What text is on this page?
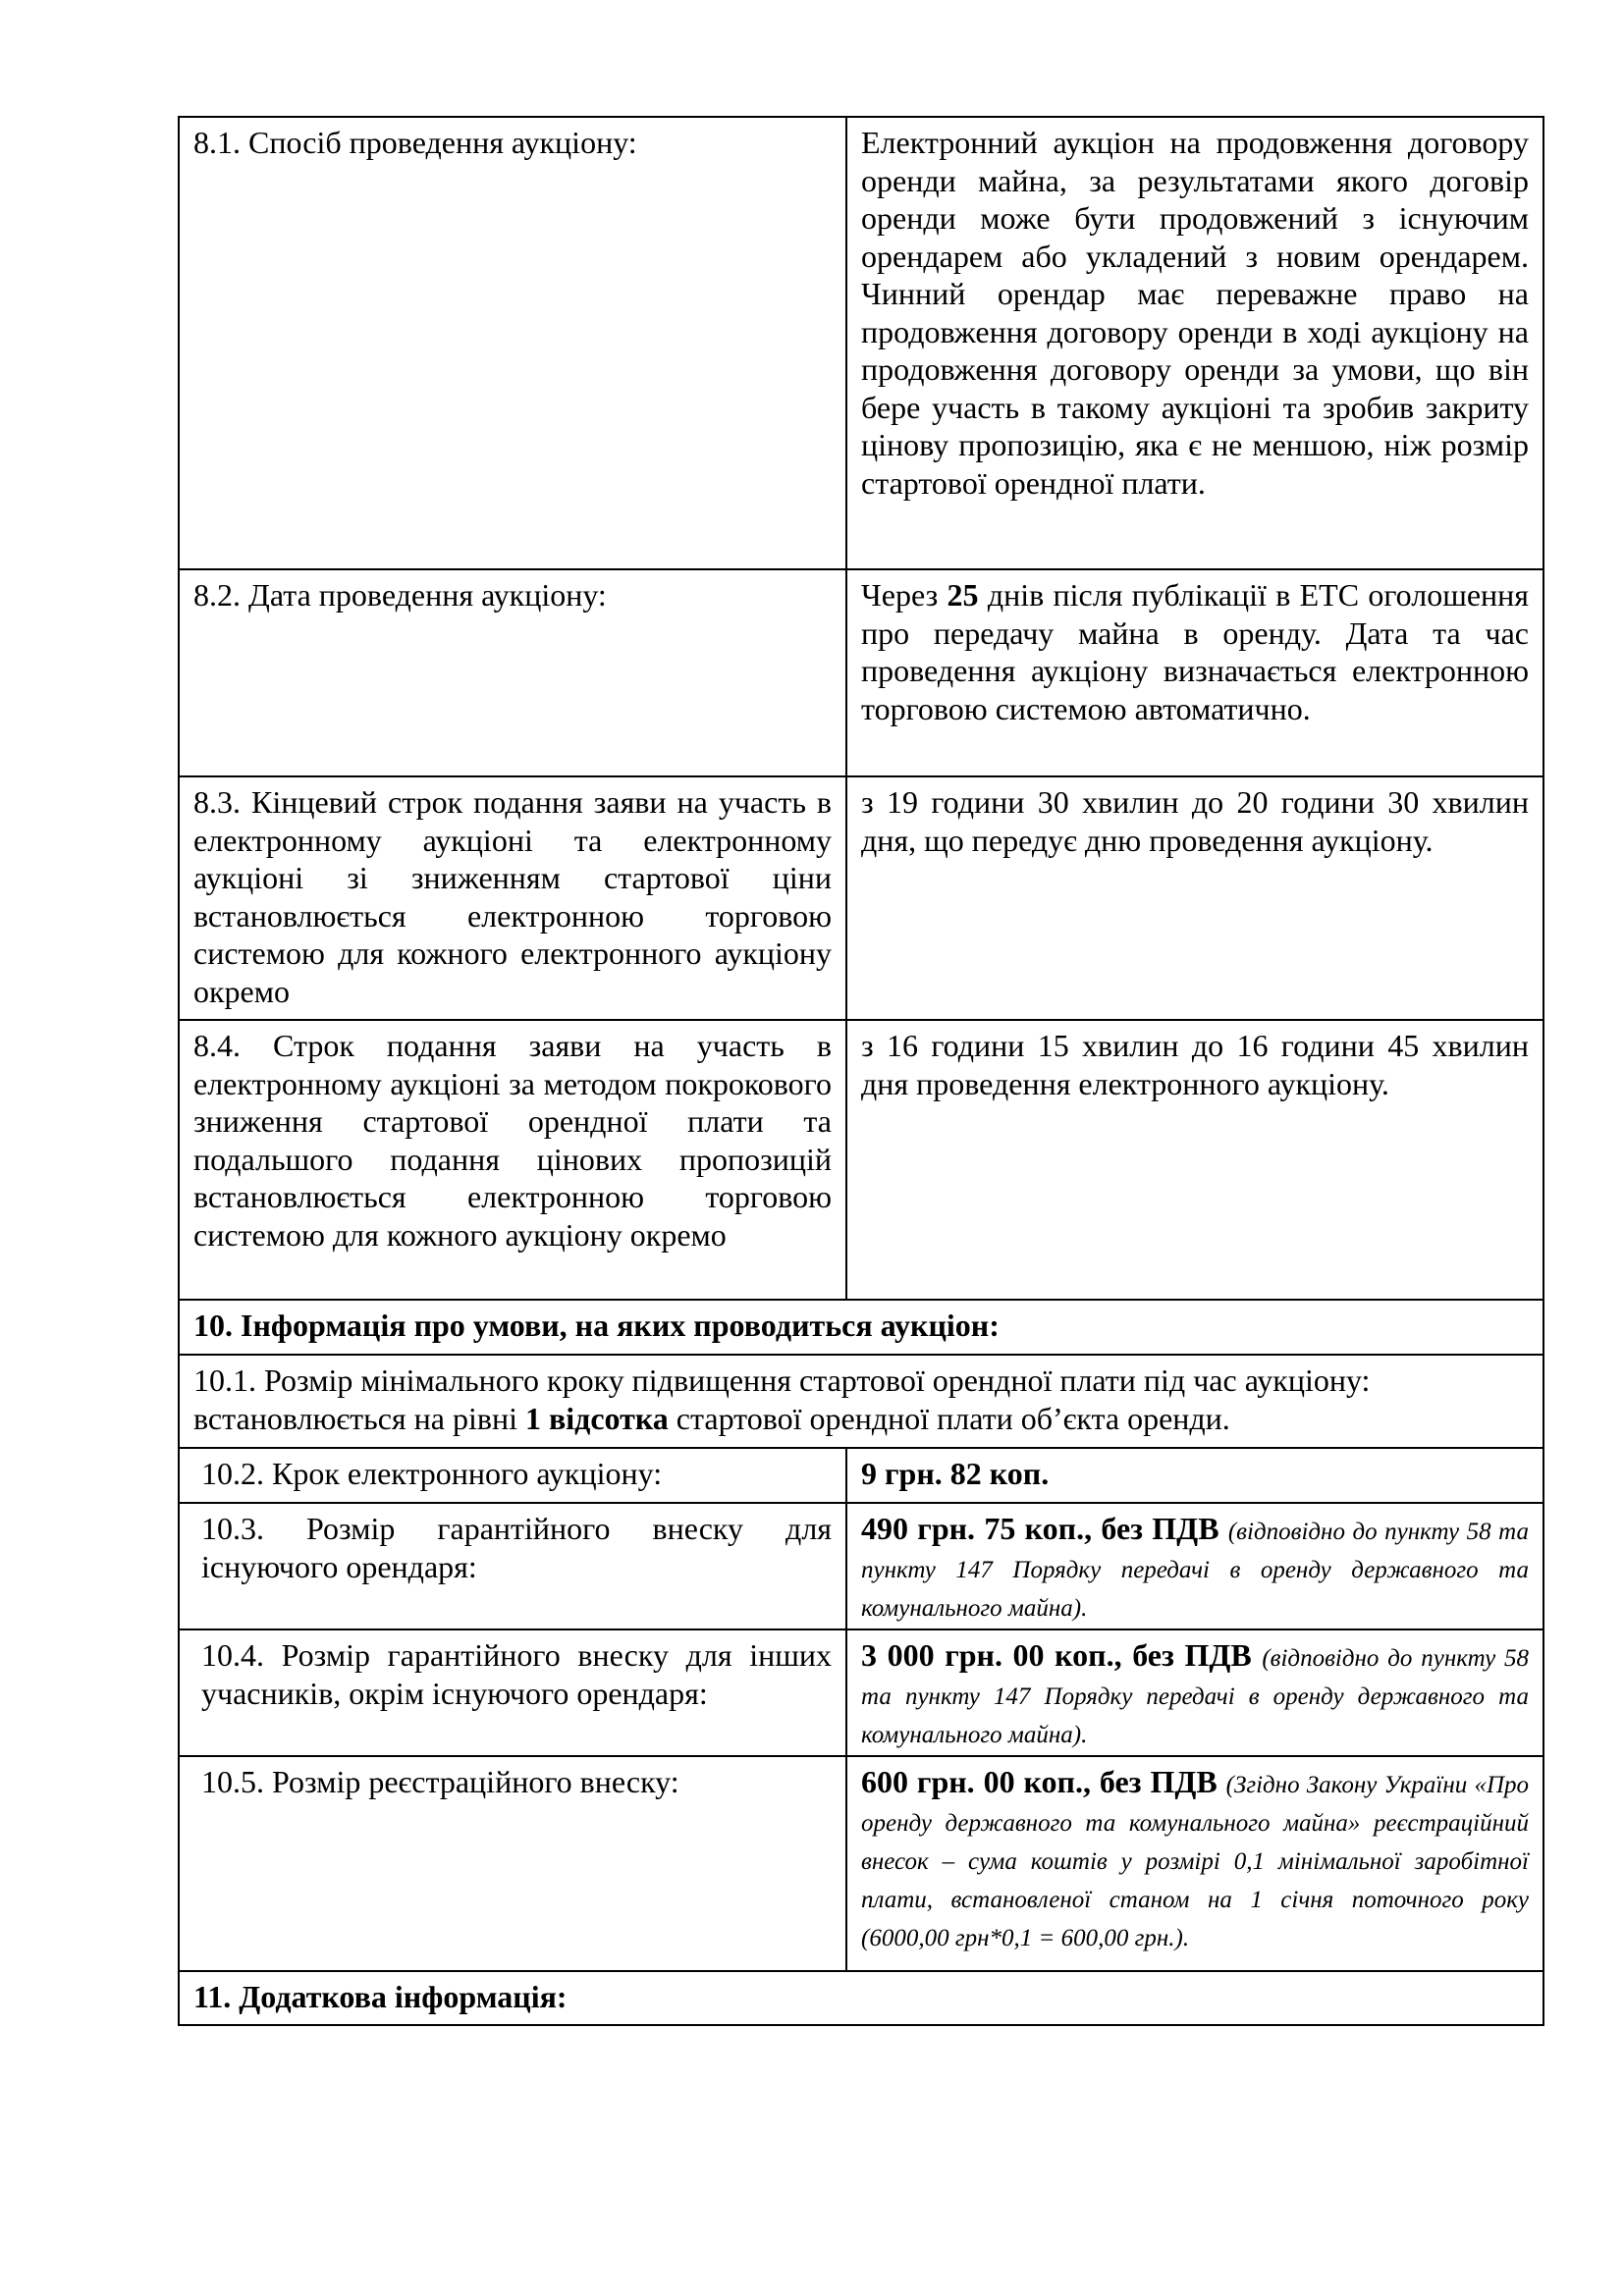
8.1. Спосіб проведення аукціону:	Електронний аукціон на продовження договору оренди майна, за результатами якого договір оренди може бути продовжений з існуючим орендарем або укладений з новим орендарем. Чинний орендар має переважне право на продовження договору оренди в ході аукціону на продовження договору оренди за умови, що він бере участь в такому аукціоні та зробив закриту цінову пропозицію, яка є не меншою, ніж розмір стартової орендної плати.
8.2. Дата проведення аукціону:	Через 25 днів після публікації в ЕТС оголошення про передачу майна в оренду. Дата та час проведення аукціону визначається електронною торговою системою автоматично.
8.3. Кінцевий строк подання заяви на участь в електронному аукціоні та електронному аукціоні зі зниженням стартової ціни встановлюється електронною торговою системою для кожного електронного аукціону окремо	з 19 години 30 хвилин до 20 години 30 хвилин дня, що передує дню проведення аукціону.
8.4. Строк подання заяви на участь в електронному аукціоні за методом покрокового зниження стартової орендної плати та подальшого подання цінових пропозицій встановлюється електронною торговою системою для кожного аукціону окремо	з 16 години 15 хвилин до 16 години 45 хвилин дня проведення електронного аукціону.
10. Інформація про умови, на яких проводиться аукціон:	
10.1. Розмір мінімального кроку підвищення стартової орендної плати під час аукціону: встановлюється на рівні 1 відсотка стартової орендної плати об’єкта оренди.	
10.2. Крок електронного аукціону:	9 грн. 82 коп.
10.3. Розмір гарантійного внеску для існуючого орендаря:	490 грн. 75 коп., без ПДВ (відповідно до пункту 58 та пункту 147 Порядку передачі в оренду державного та комунального майна).
10.4. Розмір гарантійного внеску для інших учасників, окрім існуючого орендаря:	3 000 грн. 00 коп., без ПДВ (відповідно до пункту 58 та пункту 147 Порядку передачі в оренду державного та комунального майна).
10.5. Розмір реєстраційного внеску:	600 грн. 00 коп., без ПДВ (Згідно Закону України «Про оренду державного та комунального майна» реєстраційний внесок – сума коштів у розмірі 0,1 мінімальної заробітної плати, встановленої станом на 1 січня поточного року (6000,00 грн*0,1 = 600,00 грн.).
11. Додаткова інформація:	
